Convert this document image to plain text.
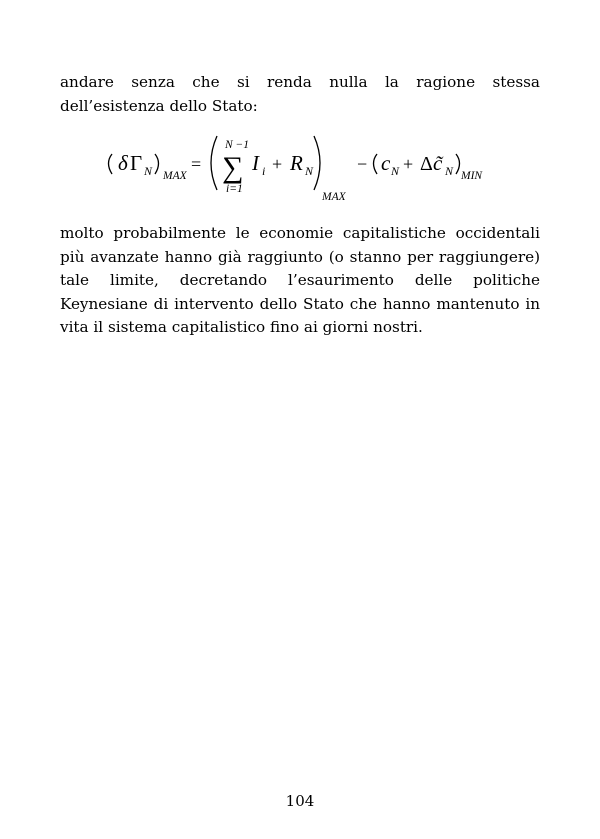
andare senza che si renda nulla la ragione stessa dell’esistenza dello Stato:

δ Γ N MAX
=
N −1
∑
i=1
I i + R N
MAX
− c N + Δ c̃ N MIN

molto probabilmente le economie capitalistiche occidentali più avanzate hanno già raggiunto (o stanno per raggiungere) tale limite, decretando l’esaurimento delle politiche Keynesiane di intervento dello Stato che hanno mantenuto in vita il sistema capitalistico fino ai giorni nostri.

104
